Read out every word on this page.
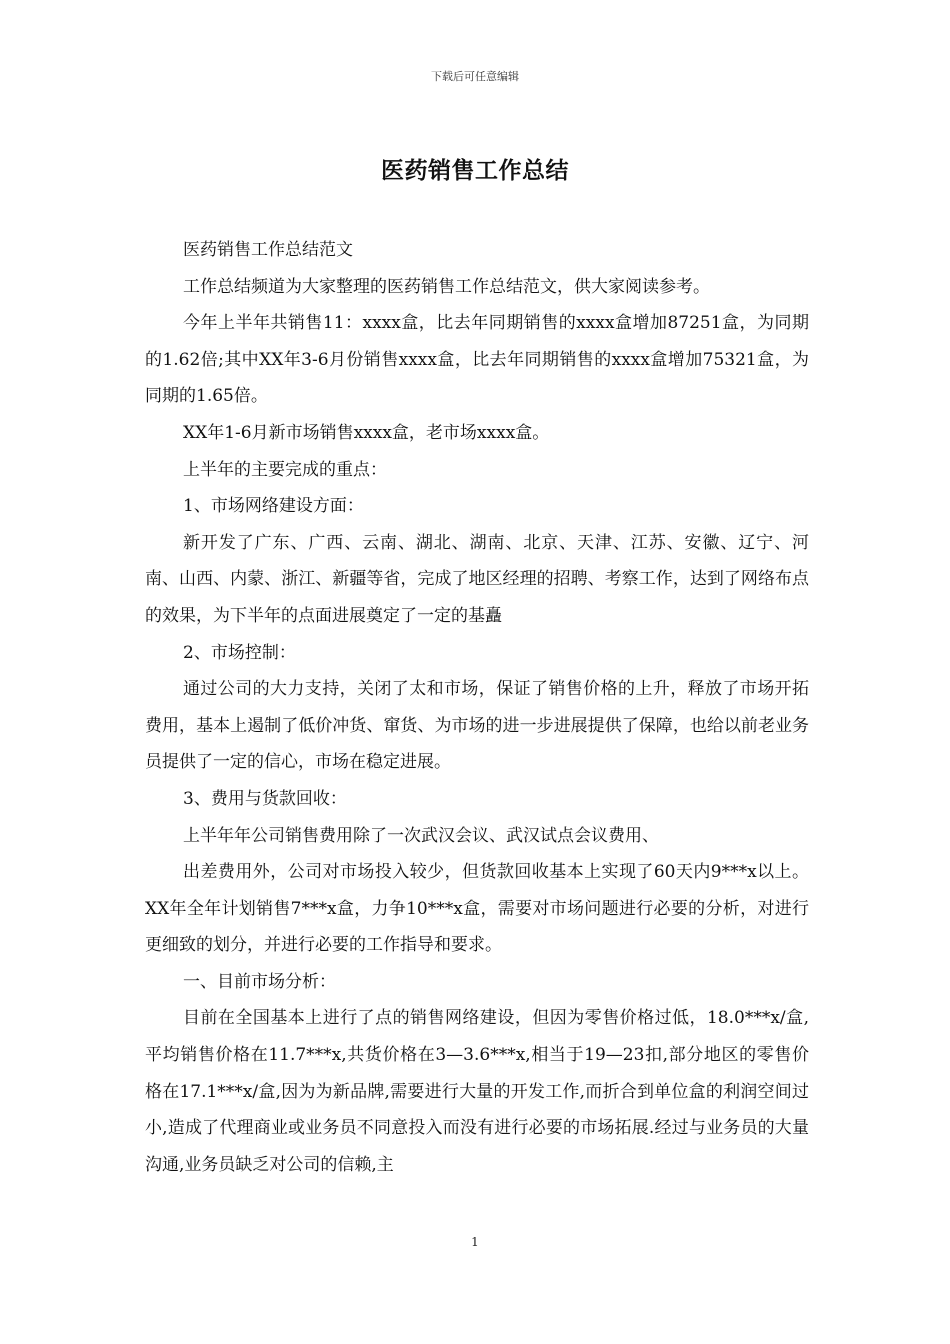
下载后可任意编辑
医药销售工作总结

医药销售工作总结范文

工作总结频道为大家整理的医药销售工作总结范文，供大家阅读参考。

今年上半年共销售11：xxxx盒，比去年同期销售的xxxx盒增加87251盒，为同期的1.62倍;其中XX年3-6月份销售xxxx盒，比去年同期销售的xxxx盒增加75321盒，为同期的1.65倍。

XX年1-6月新市场销售xxxx盒，老市场xxxx盒。

上半年的主要完成的重点：

1、市场网络建设方面：

新开发了广东、广西、云南、湖北、湖南、北京、天津、江苏、安徽、辽宁、河南、山西、内蒙、浙江、新疆等省，完成了地区经理的招聘、考察工作，达到了网络布点的效果，为下半年的点面进展奠定了一定的基矗

2、市场控制：

通过公司的大力支持，关闭了太和市场，保证了销售价格的上升，释放了市场开拓费用，基本上遏制了低价冲货、窜货、为市场的进一步进展提供了保障，也给以前老业务员提供了一定的信心，市场在稳定进展。

3、费用与货款回收：

上半年年公司销售费用除了一次武汉会议、武汉试点会议费用、

出差费用外，公司对市场投入较少，但货款回收基本上实现了60天内9***x以上。XX年全年计划销售7***x盒，力争10***x盒，需要对市场问题进行必要的分析，对进行更细致的划分，并进行必要的工作指导和要求。

一、目前市场分析：

目前在全国基本上进行了点的销售网络建设，但因为零售价格过低，18.0***x/盒,平均销售价格在11.7***x,共货价格在3—3.6***x,相当于19—23扣,部分地区的零售价格在17.1***x/盒,因为为新品牌,需要进行大量的开发工作,而折合到单位盒的利润空间过小,造成了代理商业或业务员不同意投入而没有进行必要的市场拓展.经过与业务员的大量沟通,业务员缺乏对公司的信赖,主

1
